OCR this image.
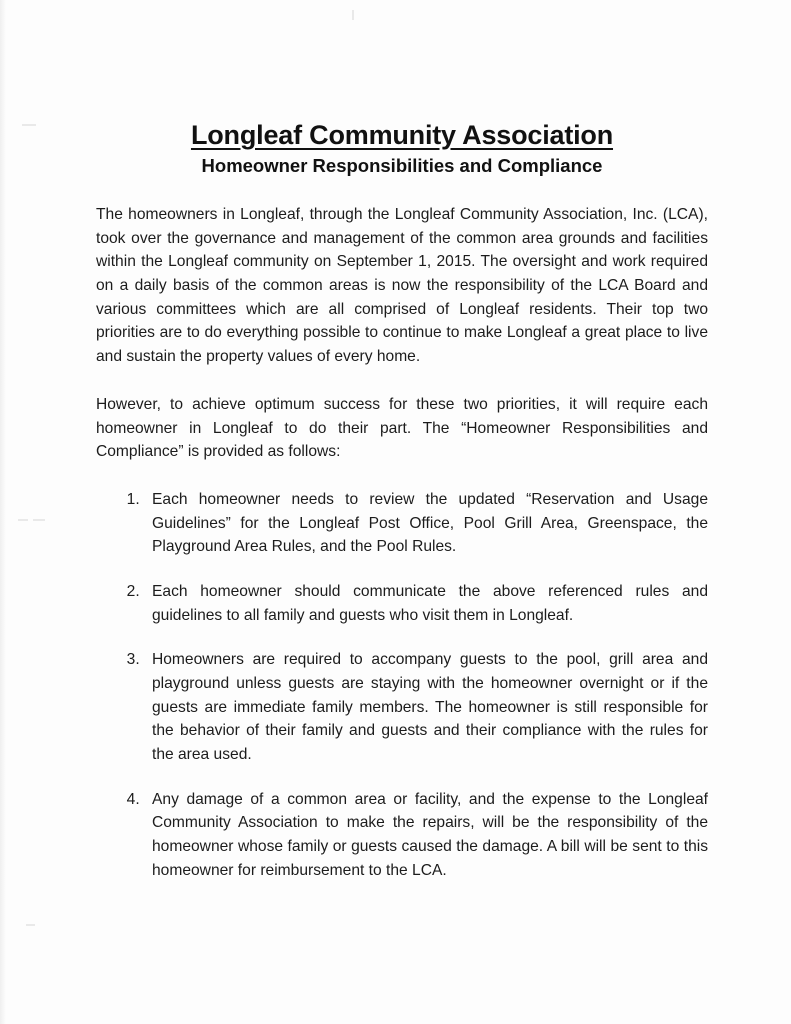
Longleaf Community Association
Homeowner Responsibilities and Compliance

The homeowners in Longleaf, through the Longleaf Community Association, Inc. (LCA), took over the governance and management of the common area grounds and facilities within the Longleaf community on September 1, 2015. The oversight and work required on a daily basis of the common areas is now the responsibility of the LCA Board and various committees which are all comprised of Longleaf residents. Their top two priorities are to do everything possible to continue to make Longleaf a great place to live and sustain the property values of every home.

However, to achieve optimum success for these two priorities, it will require each homeowner in Longleaf to do their part. The “Homeowner Responsibilities and Compliance” is provided as follows:

1. Each homeowner needs to review the updated “Reservation and Usage Guidelines” for the Longleaf Post Office, Pool Grill Area, Greenspace, the Playground Area Rules, and the Pool Rules.
2. Each homeowner should communicate the above referenced rules and guidelines to all family and guests who visit them in Longleaf.
3. Homeowners are required to accompany guests to the pool, grill area and playground unless guests are staying with the homeowner overnight or if the guests are immediate family members. The homeowner is still responsible for the behavior of their family and guests and their compliance with the rules for the area used.
4. Any damage of a common area or facility, and the expense to the Longleaf Community Association to make the repairs, will be the responsibility of the homeowner whose family or guests caused the damage. A bill will be sent to this homeowner for reimbursement to the LCA.
